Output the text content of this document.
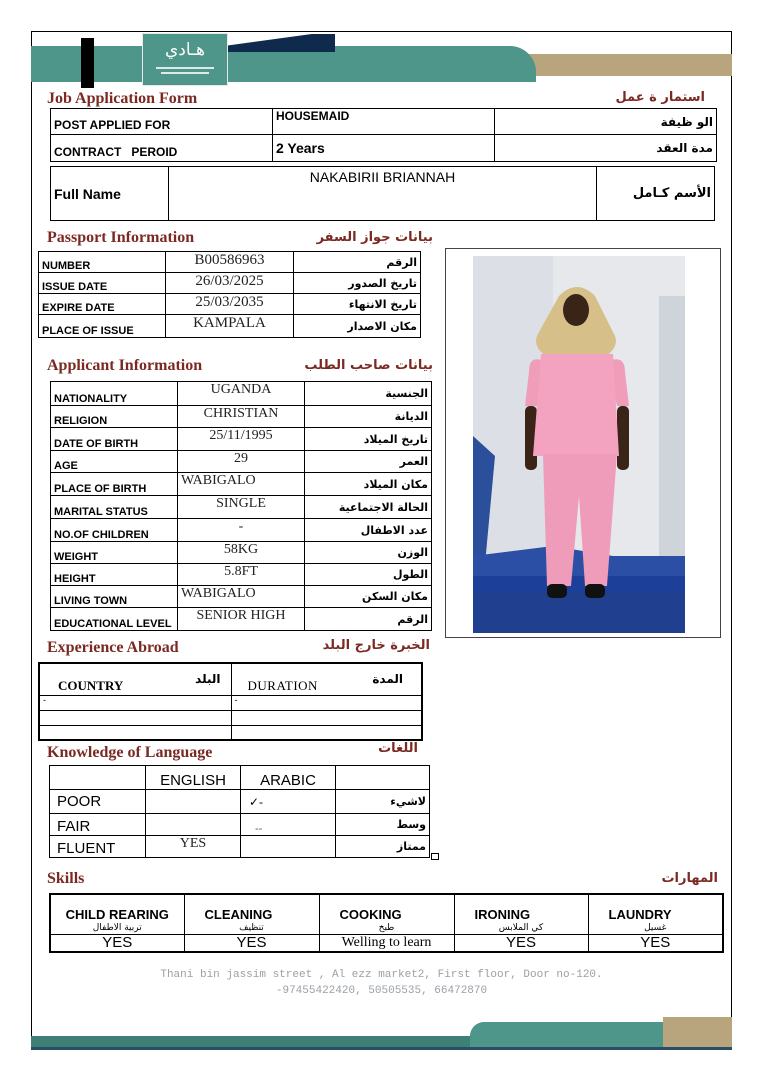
هـادي
Job Application Form	استمار ة عمل
POST APPLIED FOR	HOUSEMAID	الو ظيفة
CONTRACT   PEROID	2 Years	مدة العقد
Full Name	NAKABIRII BRIANNAH	الأسم كـامل
Passport Information	بيانات جواز السفر
NUMBER	B00586963	الرقم
ISSUE DATE	26/03/2025	تاريخ الصدور
EXPIRE DATE	25/03/2035	تاريخ الانتهاء
PLACE OF ISSUE	KAMPALA	مكان الاصدار
Applicant Information	بيانات صاحب الطلب
NATIONALITY	UGANDA	الجنسية
RELIGION	CHRISTIAN	الديانة
DATE OF BIRTH	25/11/1995	تاريخ الميلاد
AGE	29	العمر
PLACE OF BIRTH	WABIGALO	مكان الميلاد
MARITAL STATUS	SINGLE	الحالة الاجتماعية
NO.OF CHILDREN	-	عدد الاطفال
WEIGHT	58KG	الوزن
HEIGHT	5.8FT	الطول
LIVING TOWN	WABIGALO	مكان السكن
EDUCATIONAL LEVEL	SENIOR HIGH	الرقم
Experience Abroad	الخبرة خارج البلد
COUNTRY البلد	DURATION المدة

-	-

Knowledge of Language	اللغات
	ENGLISH	ARABIC	
POOR		✓-	لاشيء
FAIR		--	وسط
FLUENT	YES		ممتاز
Skills	المهارات
CHILD REARING	CLEANING	COOKING	IRONING	LAUNDRY
تربية الاطفال	تنظيف	طبخ	كي الملابس	غسيل
YES	YES	Welling to learn	YES	YES
Thani bin jassim street , Al ezz market2, First floor, Door no-120.
-97455422420, 50505535, 66472870
